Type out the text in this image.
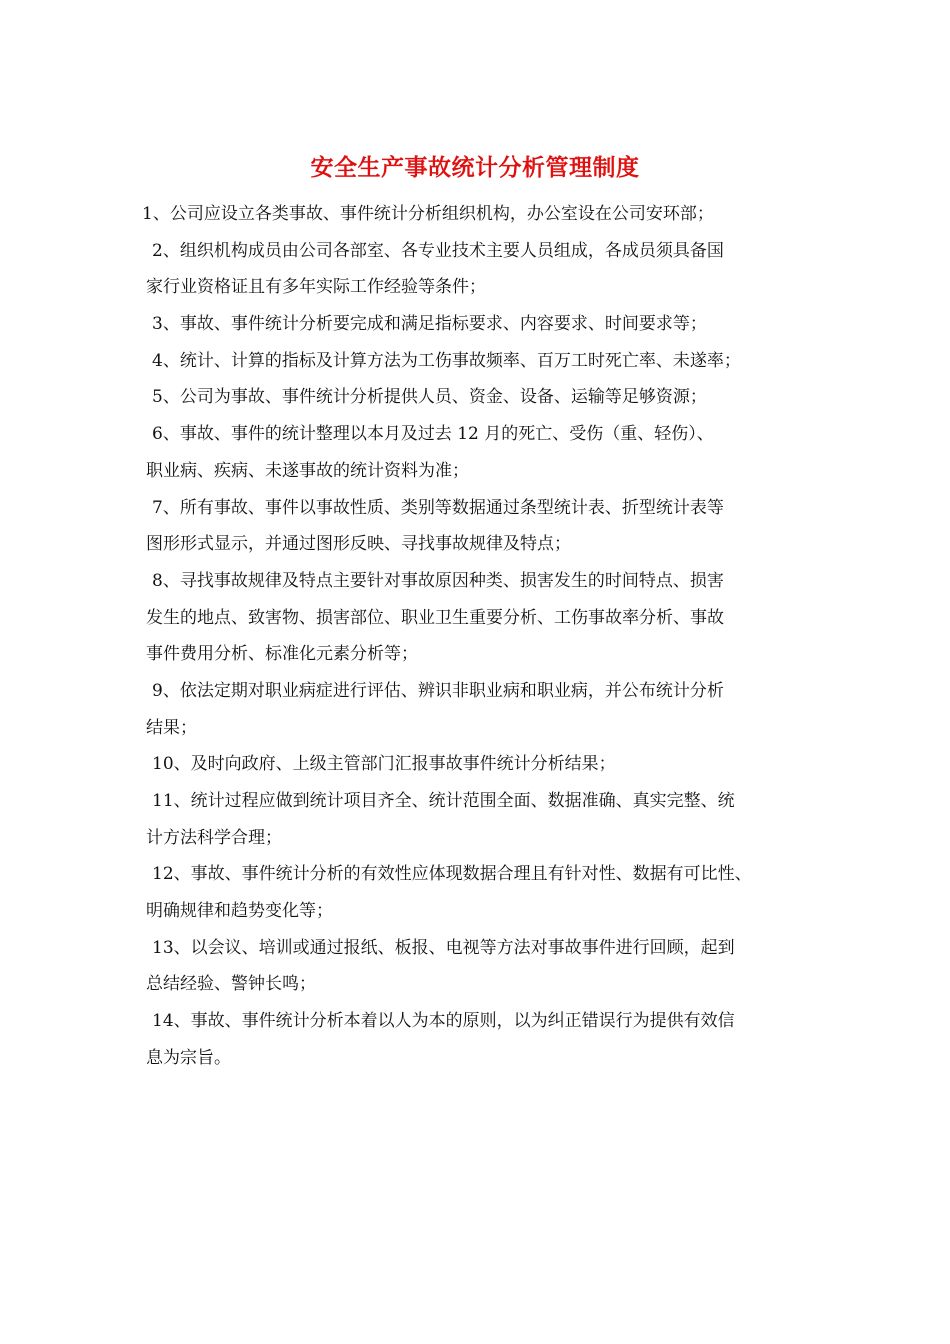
安全生产事故统计分析管理制度
1、公司应设立各类事故、事件统计分析组织机构，办公室设在公司安环部；
2、组织机构成员由公司各部室、各专业技术主要人员组成，各成员须具备国
家行业资格证且有多年实际工作经验等条件；
3、事故、事件统计分析要完成和满足指标要求、内容要求、时间要求等；
4、统计、计算的指标及计算方法为工伤事故频率、百万工时死亡率、未遂率；
5、公司为事故、事件统计分析提供人员、资金、设备、运输等足够资源；
6、事故、事件的统计整理以本月及过去 12 月的死亡、受伤（重、轻伤）、
职业病、疾病、未遂事故的统计资料为准；
7、所有事故、事件以事故性质、类别等数据通过条型统计表、折型统计表等
图形形式显示，并通过图形反映、寻找事故规律及特点；
8、寻找事故规律及特点主要针对事故原因种类、损害发生的时间特点、损害
发生的地点、致害物、损害部位、职业卫生重要分析、工伤事故率分析、事故
事件费用分析、标准化元素分析等；
9、依法定期对职业病症进行评估、辨识非职业病和职业病，并公布统计分析
结果；
10、及时向政府、上级主管部门汇报事故事件统计分析结果；
11、统计过程应做到统计项目齐全、统计范围全面、数据准确、真实完整、统
计方法科学合理；
12、事故、事件统计分析的有效性应体现数据合理且有针对性、数据有可比性、
明确规律和趋势变化等；
13、以会议、培训或通过报纸、板报、电视等方法对事故事件进行回顾，起到
总结经验、警钟长鸣；
14、事故、事件统计分析本着以人为本的原则，以为纠正错误行为提供有效信
息为宗旨。
